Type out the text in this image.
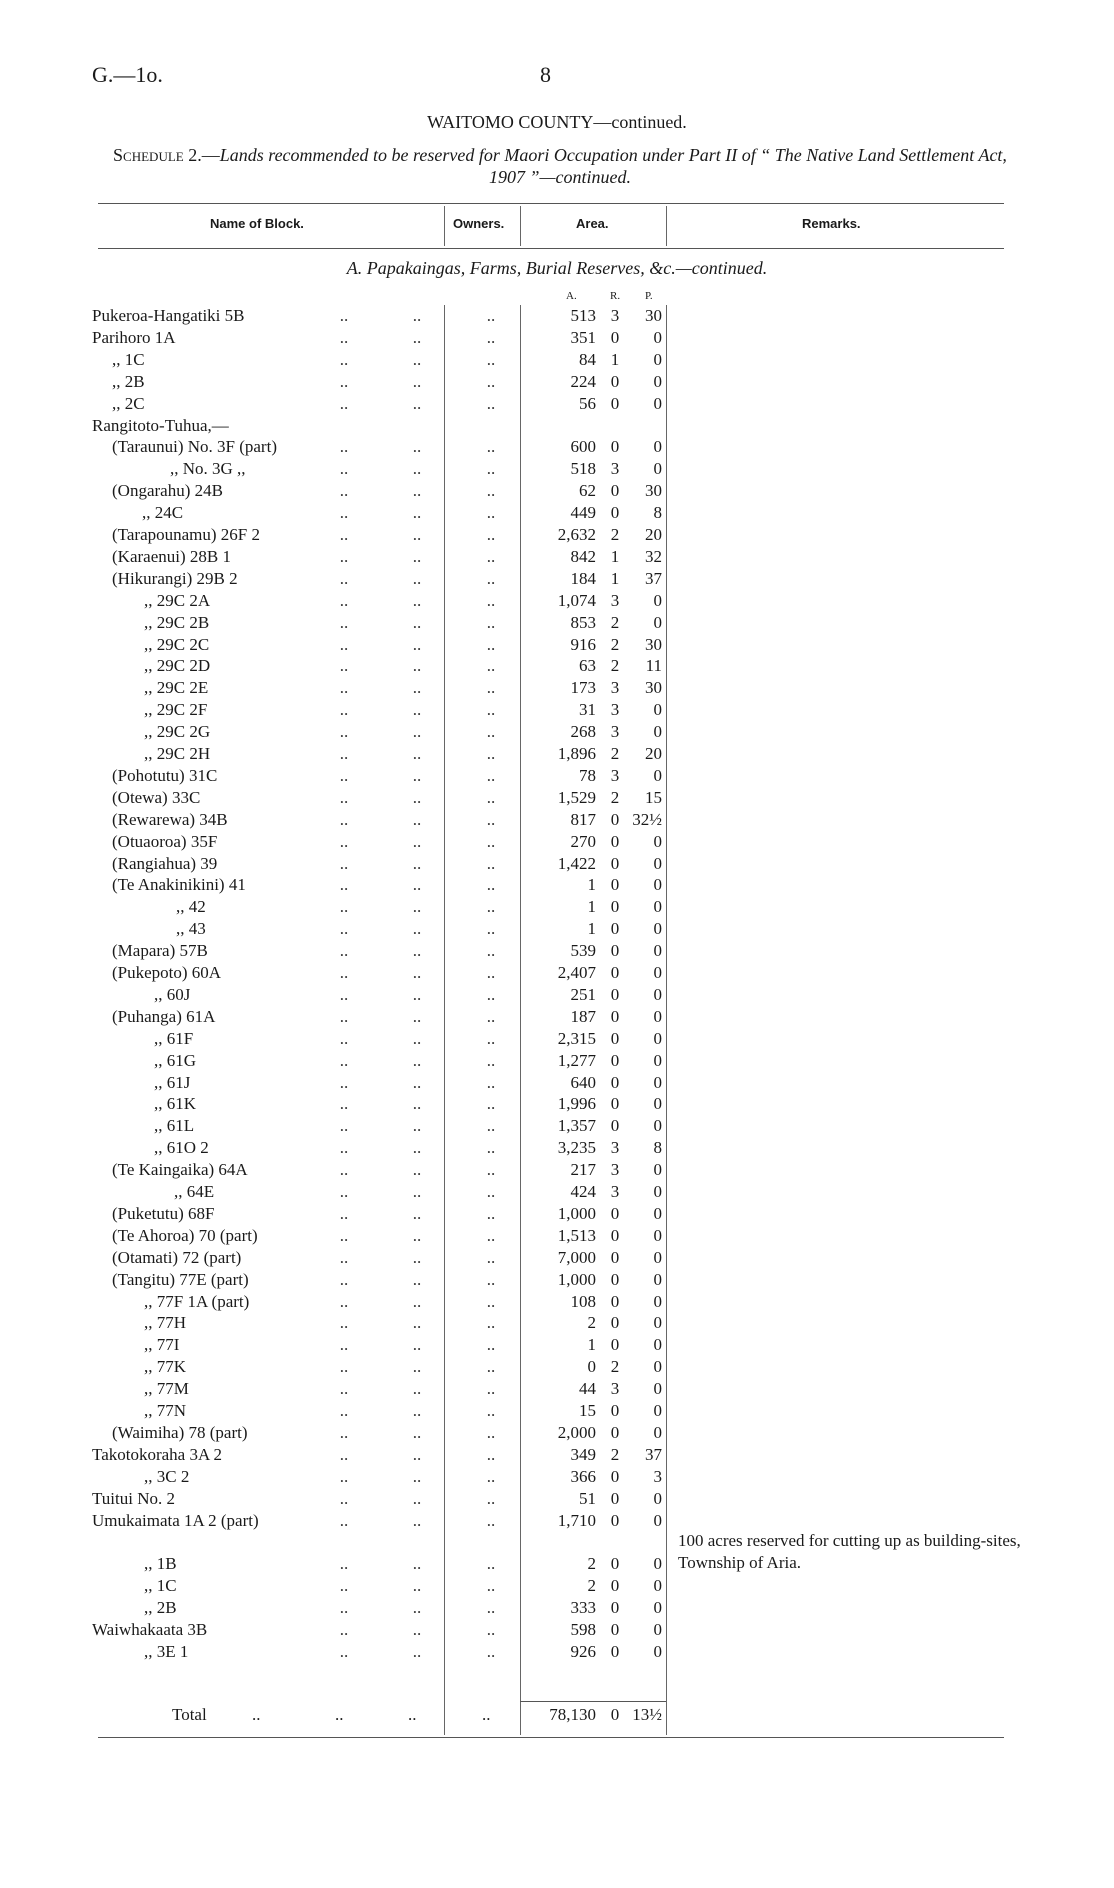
G.—1o.	8
WAITOMO COUNTY—continued.
Schedule 2.—Lands recommended to be reserved for Maori Occupation under Part II of “ The Native Land Settlement Act, 1907 ”—continued.
Name of Block.	Owners.	Area.	Remarks.
A. Papakaingas, Farms, Burial Reserves, &c.—continued.
A.	R. P.
Pukeroa-Hangatiki 5B	..	..	..	513 3	30
Parihoro 1A	..	..	..	351 0	0
,, 1C	..	..	..	84 1	0
,, 2B	..	..	..	224 0	0
,, 2C	..	..	..	56 0	0
Rangitoto-Tuhua,—
(Taraunui) No. 3F (part)	..	..	..	600 0	0
,, No. 3G ,,	..	..	..	518 3	0
(Ongarahu) 24B	..	..	..	62 0	30
,, 24C	..	..	..	449 0	8
(Tarapounamu) 26F 2	..	..	..	2,632 2	20
(Karaenui) 28B 1	..	..	..	842 1	32
(Hikurangi) 29B 2	..	..	..	184 1	37
,, 29C 2A	..	..	..	1,074 3	0
,, 29C 2B	..	..	..	853 2	0
,, 29C 2C	..	..	..	916 2	30
,, 29C 2D	..	..	..	63 2	11
,, 29C 2E	..	..	..	173 3	30
,, 29C 2F	..	..	..	31 3	0
,, 29C 2G	..	..	..	268 3	0
,, 29C 2H	..	..	..	1,896 2	20
(Pohotutu) 31C	..	..	..	78 3	0
(Otewa) 33C	..	..	..	1,529 2	15
(Rewarewa) 34B	..	..	..	817 0 32½
(Otuaoroa) 35F	..	..	..	270 0	0
(Rangiahua) 39	..	..	..	1,422 0	0
(Te Anakinikini) 41	..	..	..	1 0	0
,, 42	..	..	..	1 0	0
,, 43	..	..	..	1 0	0
(Mapara) 57B	..	..	..	539 0	0
(Pukepoto) 60A	..	..	..	2,407 0	0
,, 60J	..	..	..	251 0	0
(Puhanga) 61A	..	..	..	187 0	0
,, 61F	..	..	..	2,315 0	0
,, 61G	..	..	..	1,277 0	0
,, 61J	..	..	..	640 0	0
,, 61K	..	..	..	1,996 0	0
,, 61L	..	..	..	1,357 0	0
,, 61O 2	..	..	..	3,235 3	8
(Te Kaingaika) 64A	..	..	..	217 3	0
,, 64E	..	..	..	424 3	0
(Puketutu) 68F	..	..	..	1,000 0	0
(Te Ahoroa) 70 (part)	..	..	..	1,513 0	0
(Otamati) 72 (part)	..	..	..	7,000 0	0
(Tangitu) 77E (part)	..	..	..	1,000 0	0
,, 77F 1A (part)	..	..	..	108 0	0
,, 77H	..	..	..	2 0	0
,, 77I	..	..	..	1 0	0
,, 77K	..	..	..	0 2	0
,, 77M	..	..	..	44 3	0
,, 77N	..	..	..	15 0	0
(Waimiha) 78 (part)	..	..	..	2,000 0	0
Takotokoraha 3A 2	..	..	..	349 2	37
,, 3C 2	..	..	..	366 0	3
Tuitui No. 2	..	..	..	51 0	0
Umukaimata 1A 2 (part)	..	..	..	1,710 0	0
,, 1B	..	..	..	2 0	0
,, 1C	..	..	..	2 0	0
,, 2B	..	..	..	333 0	0
Waiwhakaata 3B	..	..	..	598 0	0
,, 3E 1	..	..	..	926 0	0
100 acres reserved for cutting up as building-sites, Township of Aria.
Total	..	..	..	..	78,130 0 13½
